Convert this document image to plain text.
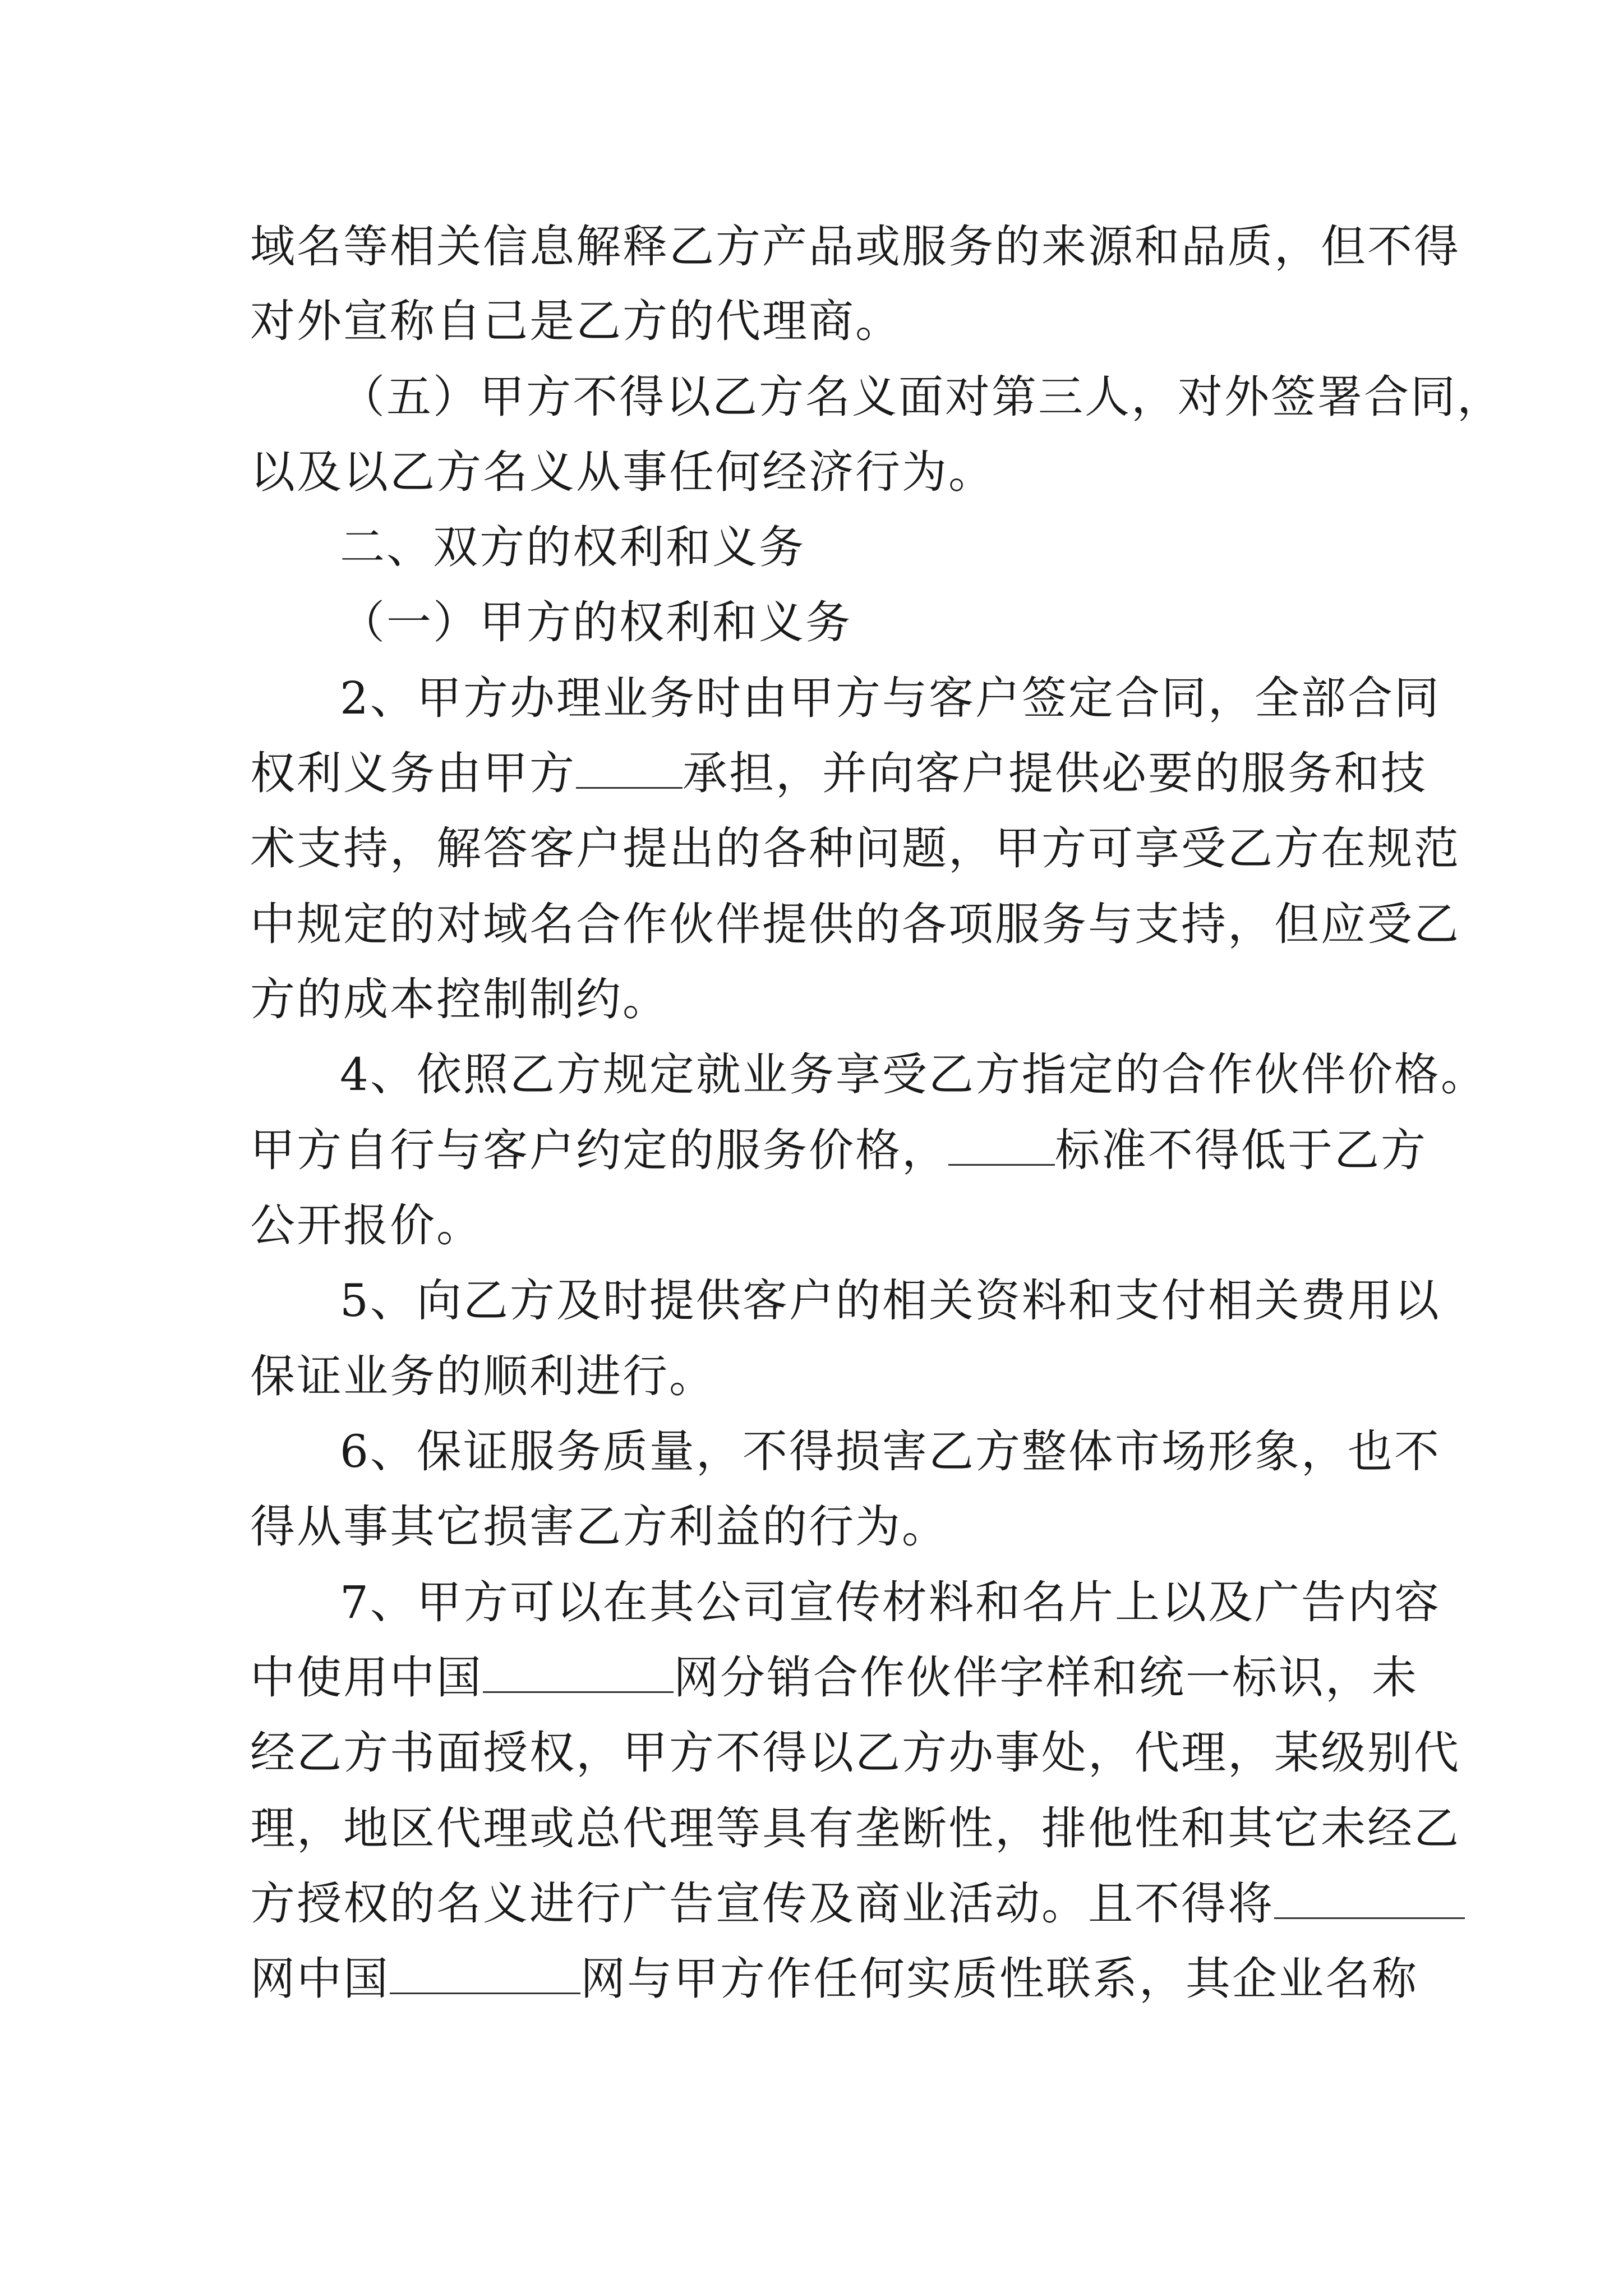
域名等相关信息解释乙方产品或服务的来源和品质，但不得
对外宣称自己是乙方的代理商。
（五）甲方不得以乙方名义面对第三人，对外签署合同，
以及以乙方名义从事任何经济行为。
二、双方的权利和义务
（一）甲方的权利和义务
2、甲方办理业务时由甲方与客户签定合同，全部合同
权利义务由甲方 承担，并向客户提供必要的服务和技
术支持，解答客户提出的各种问题，甲方可享受乙方在规范
中规定的对域名合作伙伴提供的各项服务与支持，但应受乙
方的成本控制制约。
4、依照乙方规定就业务享受乙方指定的合作伙伴价格。
甲方自行与客户约定的服务价格， 标准不得低于乙方
公开报价。
5、向乙方及时提供客户的相关资料和支付相关费用以
保证业务的顺利进行。
6、保证服务质量，不得损害乙方整体市场形象，也不
得从事其它损害乙方利益的行为。
7、甲方可以在其公司宣传材料和名片上以及广告内容
中使用中国	网分销合作伙伴字样和统一标识，未
经乙方书面授权，甲方不得以乙方办事处，代理，某级别代
理，地区代理或总代理等具有垄断性，排他性和其它未经乙
方授权的名义进行广告宣传及商业活动。且不得将
网中国	网与甲方作任何实质性联系，其企业名称
